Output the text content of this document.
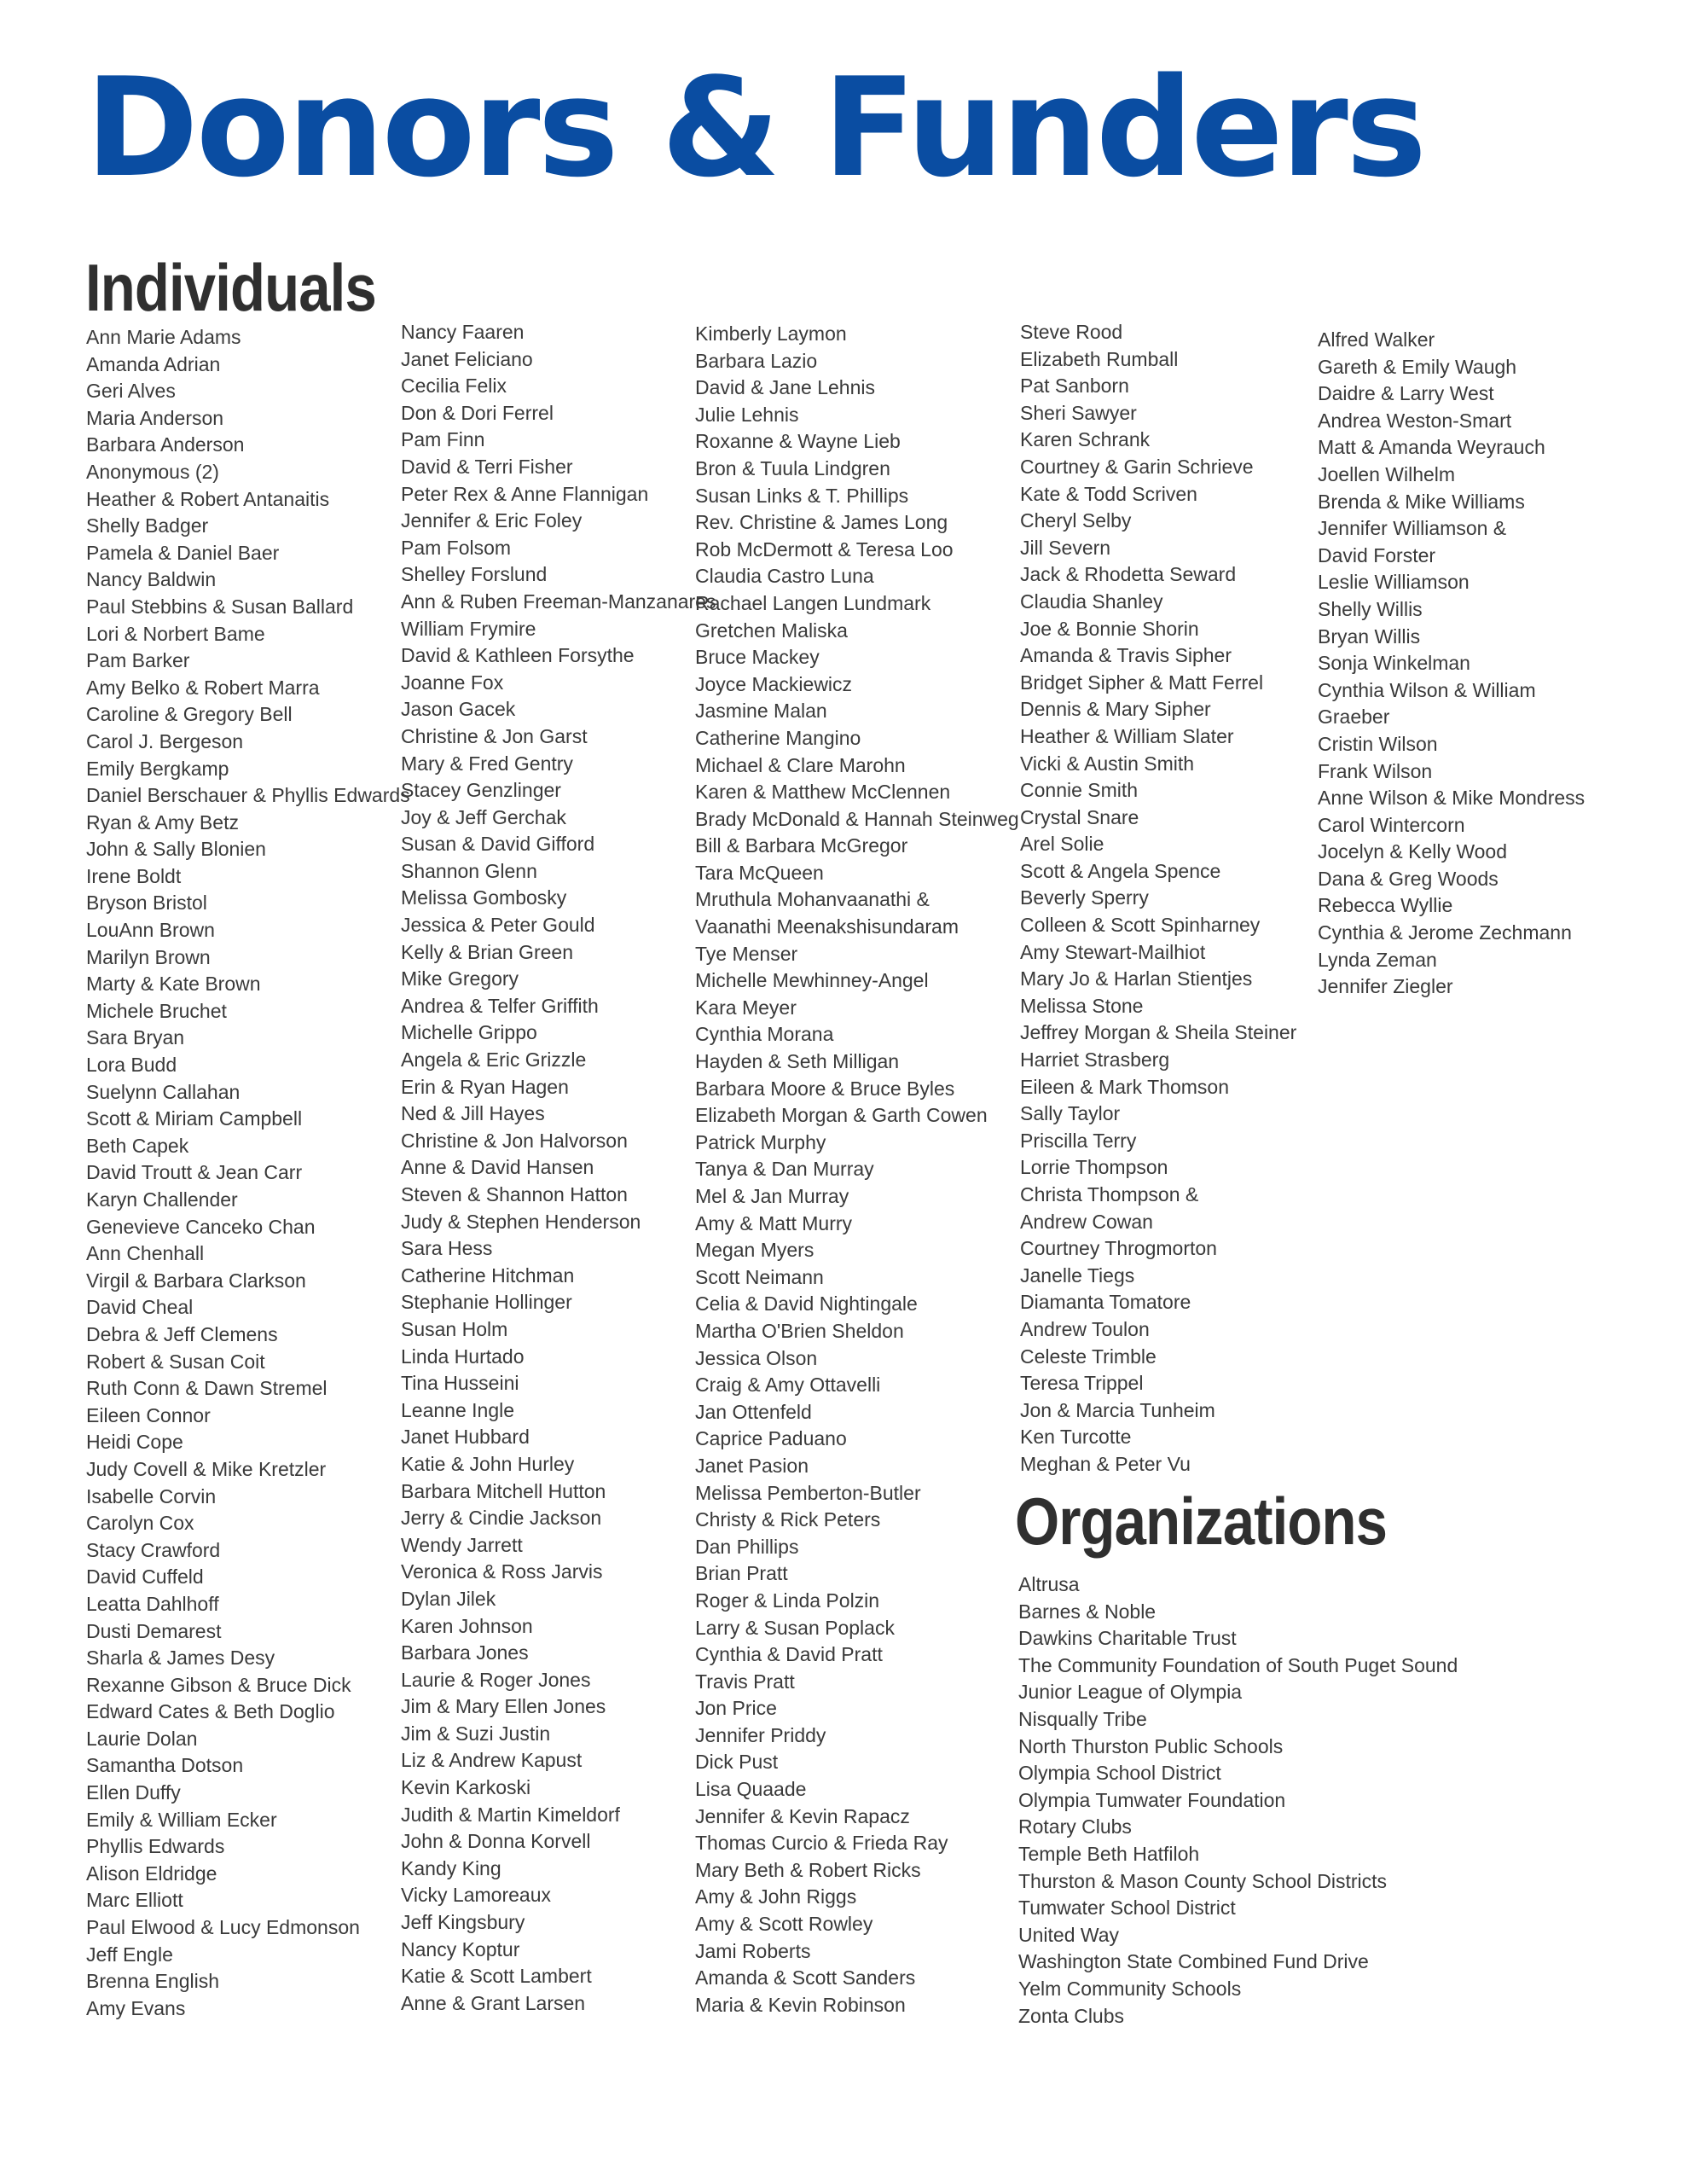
Donors & Funders
Individuals
Ann Marie Adams
Amanda Adrian
Geri Alves
Maria Anderson
Barbara Anderson
Anonymous (2)
Heather & Robert Antanaitis
Shelly Badger
Pamela & Daniel Baer
Nancy Baldwin
Paul Stebbins & Susan Ballard
Lori & Norbert Bame
Pam Barker
Amy Belko & Robert Marra
Caroline & Gregory Bell
Carol J. Bergeson
Emily Bergkamp
Daniel Berschauer & Phyllis Edwards
Ryan & Amy Betz
John & Sally Blonien
Irene Boldt
Bryson Bristol
LouAnn Brown
Marilyn Brown
Marty & Kate Brown
Michele Bruchet
Sara Bryan
Lora Budd
Suelynn Callahan
Scott & Miriam Campbell
Beth Capek
David Troutt & Jean Carr
Karyn Challender
Genevieve Canceko Chan
Ann Chenhall
Virgil & Barbara Clarkson
David Cheal
Debra & Jeff Clemens
Robert & Susan Coit
Ruth Conn & Dawn Stremel
Eileen Connor
Heidi Cope
Judy Covell & Mike Kretzler
Isabelle Corvin
Carolyn Cox
Stacy Crawford
David Cuffeld
Leatta Dahlhoff
Dusti Demarest
Sharla & James Desy
Rexanne Gibson & Bruce Dick
Edward Cates & Beth Doglio
Laurie Dolan
Samantha Dotson
Ellen Duffy
Emily & William Ecker
Phyllis Edwards
Alison Eldridge
Marc Elliott
Paul Elwood & Lucy Edmonson
Jeff Engle
Brenna English
Amy Evans
Nancy Faaren
Janet Feliciano
Cecilia Felix
Don & Dori Ferrel
Pam Finn
David & Terri Fisher
Peter Rex & Anne Flannigan
Jennifer & Eric Foley
Pam Folsom
Shelley Forslund
Ann & Ruben Freeman-Manzanares
William Frymire
David & Kathleen Forsythe
Joanne Fox
Jason Gacek
Christine & Jon Garst
Mary & Fred Gentry
Stacey Genzlinger
Joy & Jeff Gerchak
Susan & David Gifford
Shannon Glenn
Melissa Gombosky
Jessica & Peter Gould
Kelly & Brian Green
Mike Gregory
Andrea & Telfer Griffith
Michelle Grippo
Angela & Eric Grizzle
Erin & Ryan Hagen
Ned & Jill Hayes
Christine & Jon Halvorson
Anne & David Hansen
Steven & Shannon Hatton
Judy & Stephen Henderson
Sara Hess
Catherine Hitchman
Stephanie Hollinger
Susan Holm
Linda Hurtado
Tina Husseini
Leanne Ingle
Janet Hubbard
Katie & John Hurley
Barbara Mitchell Hutton
Jerry & Cindie Jackson
Wendy Jarrett
Veronica & Ross Jarvis
Dylan Jilek
Karen Johnson
Barbara Jones
Laurie & Roger Jones
Jim & Mary Ellen Jones
Jim & Suzi Justin
Liz & Andrew Kapust
Kevin Karkoski
Judith & Martin Kimeldorf
John & Donna Korvell
Kandy King
Vicky Lamoreaux
Jeff Kingsbury
Nancy Koptur
Katie & Scott Lambert
Anne & Grant Larsen
Kimberly Laymon
Barbara Lazio
David & Jane Lehnis
Julie Lehnis
Roxanne & Wayne Lieb
Bron & Tuula Lindgren
Susan Links & T. Phillips
Rev. Christine & James Long
Rob McDermott & Teresa Loo
Claudia Castro Luna
Rachael Langen Lundmark
Gretchen Maliska
Bruce Mackey
Joyce Mackiewicz
Jasmine Malan
Catherine Mangino
Michael & Clare Marohn
Karen & Matthew McClennen
Brady McDonald & Hannah Steinweg
Bill & Barbara McGregor
Tara McQueen
Mruthula Mohanvaanathi &
Vaanathi Meenakshisundaram
Tye Menser
Michelle Mewhinney-Angel
Kara Meyer
Cynthia Morana
Hayden & Seth Milligan
Barbara Moore & Bruce Byles
Elizabeth Morgan & Garth Cowen
Patrick Murphy
Tanya & Dan Murray
Mel & Jan Murray
Amy & Matt Murry
Megan Myers
Scott Neimann
Celia & David Nightingale
Martha O'Brien Sheldon
Jessica Olson
Craig & Amy Ottavelli
Jan Ottenfeld
Caprice Paduano
Janet Pasion
Melissa Pemberton-Butler
Christy & Rick Peters
Dan Phillips
Brian Pratt
Roger & Linda Polzin
Larry & Susan Poplack
Cynthia & David Pratt
Travis Pratt
Jon Price
Jennifer Priddy
Dick Pust
Lisa Quaade
Jennifer & Kevin Rapacz
Thomas Curcio & Frieda Ray
Mary Beth & Robert Ricks
Amy & John Riggs
Amy & Scott Rowley
Jami Roberts
Amanda & Scott Sanders
Maria & Kevin Robinson
Steve Rood
Elizabeth Rumball
Pat Sanborn
Sheri Sawyer
Karen Schrank
Courtney & Garin Schrieve
Kate & Todd Scriven
Cheryl Selby
Jill Severn
Jack & Rhodetta Seward
Claudia Shanley
Joe & Bonnie Shorin
Amanda & Travis Sipher
Bridget Sipher & Matt Ferrel
Dennis & Mary Sipher
Heather & William Slater
Vicki & Austin Smith
Connie Smith
Crystal Snare
Arel Solie
Scott & Angela Spence
Beverly Sperry
Colleen & Scott Spinharney
Amy Stewart-Mailhiot
Mary Jo & Harlan Stientjes
Melissa Stone
Jeffrey Morgan & Sheila Steiner
Harriet Strasberg
Eileen & Mark Thomson
Sally Taylor
Priscilla Terry
Lorrie Thompson
Christa Thompson &
Andrew Cowan
Courtney Throgmorton
Janelle Tiegs
Diamanta Tomatore
Andrew Toulon
Celeste Trimble
Teresa Trippel
Jon & Marcia Tunheim
Ken Turcotte
Meghan & Peter Vu
Alfred Walker
Gareth & Emily Waugh
Daidre & Larry West
Andrea Weston-Smart
Matt & Amanda Weyrauch
Joellen Wilhelm
Brenda & Mike Williams
Jennifer Williamson &
David Forster
Leslie Williamson
Shelly Willis
Bryan Willis
Sonja Winkelman
Cynthia Wilson & William
Graeber
Cristin Wilson
Frank Wilson
Anne Wilson & Mike Mondress
Carol Wintercorn
Jocelyn & Kelly Wood
Dana & Greg Woods
Rebecca Wyllie
Cynthia & Jerome Zechmann
Lynda Zeman
Jennifer Ziegler
Organizations
Altrusa
Barnes & Noble
Dawkins Charitable Trust
The Community Foundation of South Puget Sound
Junior League of Olympia
Nisqually Tribe
North Thurston Public Schools
Olympia School District
Olympia Tumwater Foundation
Rotary Clubs
Temple Beth Hatfiloh
Thurston & Mason County School Districts
Tumwater School District
United Way
Washington State Combined Fund Drive
Yelm Community Schools
Zonta Clubs
